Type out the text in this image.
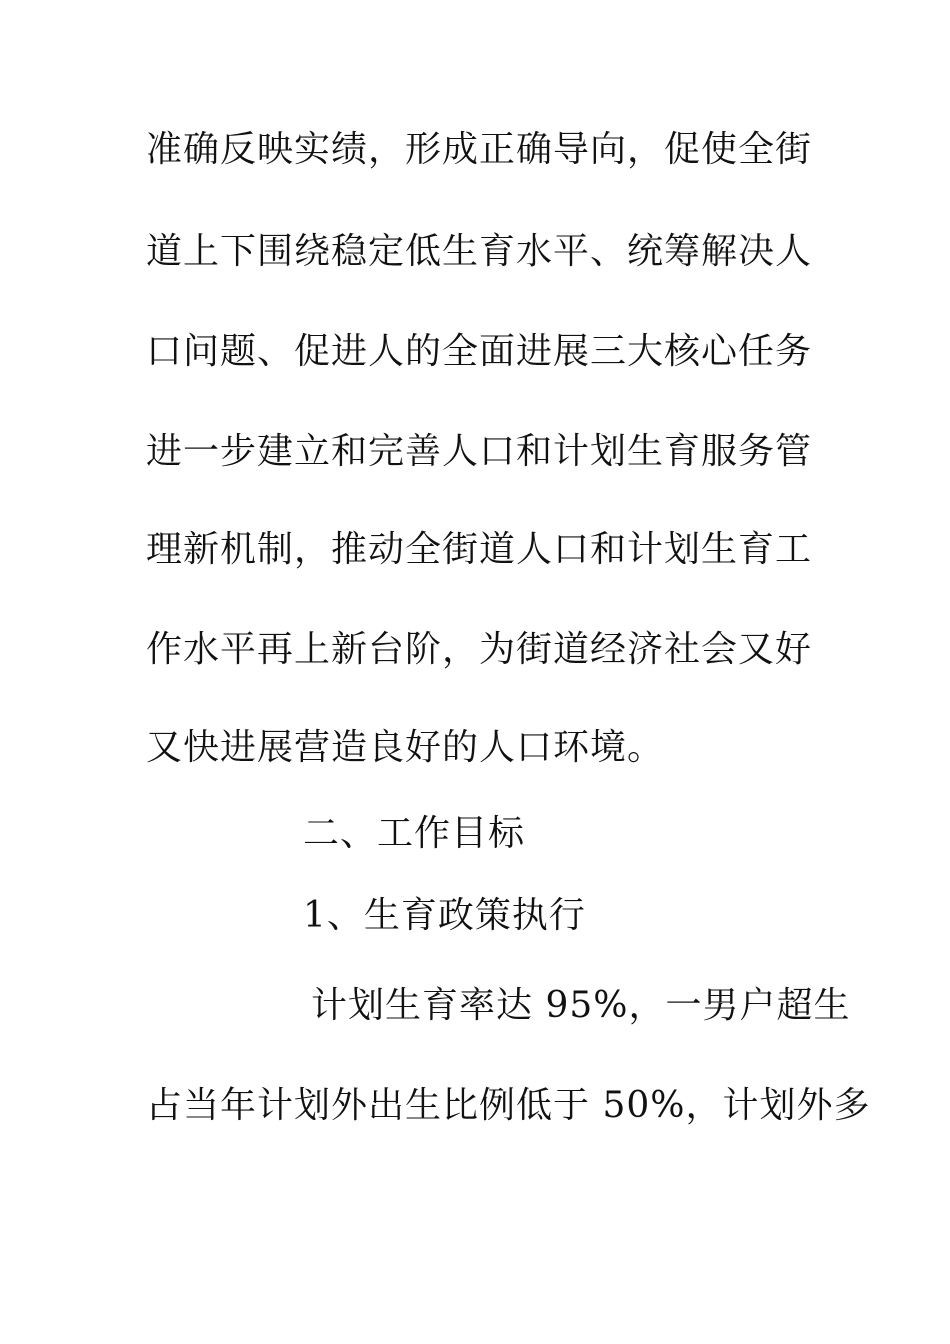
准确反映实绩，形成正确导向，促使全街
道上下围绕稳定低生育水平、统筹解决人
口问题、促进人的全面进展三大核心任务
进一步建立和完善人口和计划生育服务管
理新机制，推动全街道人口和计划生育工
作水平再上新台阶，为街道经济社会又好
又快进展营造良好的人口环境。
二、工作目标
1、生育政策执行
计划生育率达 95%，一男户超生
占当年计划外出生比例低于 50%，计划外多
